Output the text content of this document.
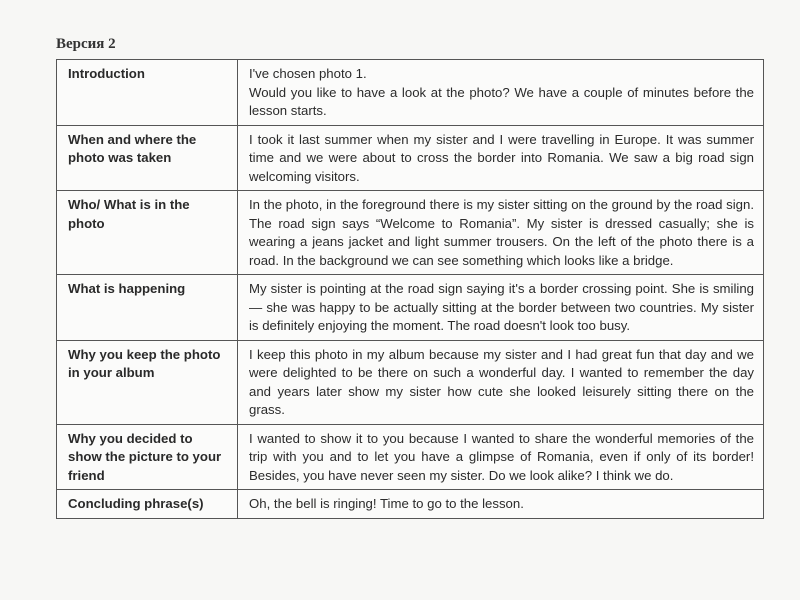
Версия 2
Introduction	I've chosen photo 1.
Would you like to have a look at the photo? We have a couple of minutes before the lesson starts.

When and where the photo was taken	I took it last summer when my sister and I were travelling in Europe. It was summer time and we were about to cross the border into Romania. We saw a big road sign welcoming visitors.

Who/ What is in the photo	In the photo, in the foreground there is my sister sitting on the ground by the road sign. The road sign says “Welcome to Romania”. My sister is dressed casually; she is wearing a jeans jacket and light summer trousers. On the left of the photo there is a road. In the background we can see something which looks like a bridge.

What is happening	My sister is pointing at the road sign saying it's a border crossing point. She is smiling — she was happy to be actually sitting at the border between two countries. My sister is definitely enjoying the moment. The road doesn't look too busy.

Why you keep the photo in your album	I keep this photo in my album because my sister and I had great fun that day and we were delighted to be there on such a wonderful day. I wanted to remember the day and years later show my sister how cute she looked leisurely sitting there on the grass.

Why you decided to show the picture to your friend	I wanted to show it to you because I wanted to share the wonderful memories of the trip with you and to let you have a glimpse of Romania, even if only of its border! Besides, you have never seen my sister. Do we look alike? I think we do.

Concluding phrase(s)	Oh, the bell is ringing! Time to go to the lesson.
